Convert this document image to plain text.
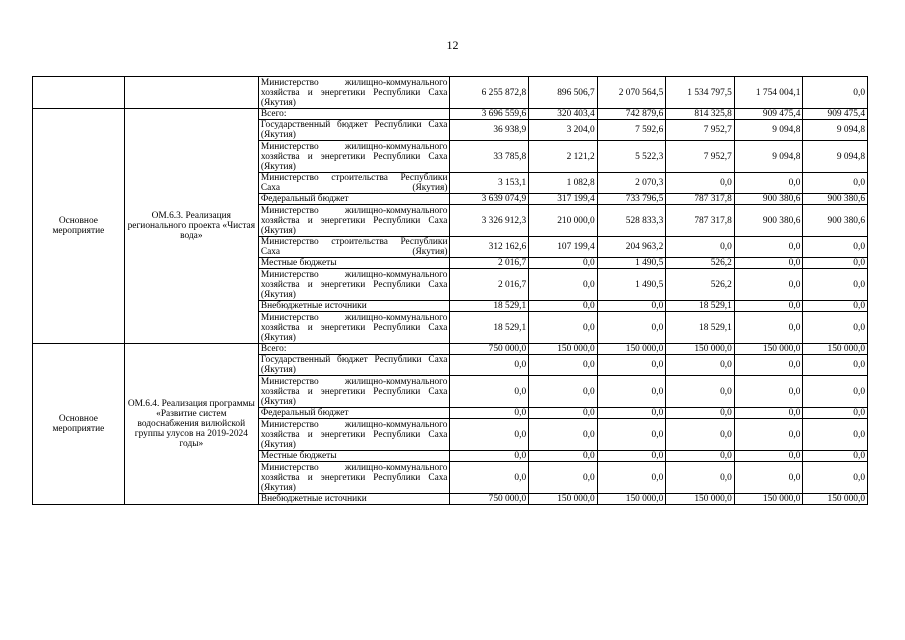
12
		Министерство жилищно-коммунального хозяйства и энергетики Республики Саха (Якутия)	6 255 872,8	896 506,7	2 070 564,5	1 534 797,5	1 754 004,1	0,0
Основное мероприятие	ОМ.6.3. Реализация регионального проекта «Чистая вода»	Всего:	3 696 559,6	320 403,4	742 879,6	814 325,8	909 475,4	909 475,4
		Государственный бюджет Республики Саха (Якутия)	36 938,9	3 204,0	7 592,6	7 952,7	9 094,8	9 094,8
		Министерство жилищно-коммунального хозяйства и энергетики Республики Саха (Якутия)	33 785,8	2 121,2	5 522,3	7 952,7	9 094,8	9 094,8
		Министерство строительства Республики Саха (Якутия)	3 153,1	1 082,8	2 070,3	0,0	0,0	0,0
		Федеральный бюджет	3 639 074,9	317 199,4	733 796,5	787 317,8	900 380,6	900 380,6
		Министерство жилищно-коммунального хозяйства и энергетики Республики Саха (Якутия)	3 326 912,3	210 000,0	528 833,3	787 317,8	900 380,6	900 380,6
		Министерство строительства Республики Саха (Якутия)	312 162,6	107 199,4	204 963,2	0,0	0,0	0,0
		Местные бюджеты	2 016,7	0,0	1 490,5	526,2	0,0	0,0
		Министерство жилищно-коммунального хозяйства и энергетики Республики Саха (Якутия)	2 016,7	0,0	1 490,5	526,2	0,0	0,0
		Внебюджетные источники	18 529,1	0,0	0,0	18 529,1	0,0	0,0
		Министерство жилищно-коммунального хозяйства и энергетики Республики Саха (Якутия)	18 529,1	0,0	0,0	18 529,1	0,0	0,0
Основное мероприятие	ОМ.6.4. Реализация программы «Развитие систем водоснабжения вилюйской группы улусов на 2019-2024 годы»	Всего:	750 000,0	150 000,0	150 000,0	150 000,0	150 000,0	150 000,0
		Государственный бюджет Республики Саха (Якутия)	0,0	0,0	0,0	0,0	0,0	0,0
		Министерство жилищно-коммунального хозяйства и энергетики Республики Саха (Якутия)	0,0	0,0	0,0	0,0	0,0	0,0
		Федеральный бюджет	0,0	0,0	0,0	0,0	0,0	0,0
		Министерство жилищно-коммунального хозяйства и энергетики Республики Саха (Якутия)	0,0	0,0	0,0	0,0	0,0	0,0
		Местные бюджеты	0,0	0,0	0,0	0,0	0,0	0,0
		Министерство жилищно-коммунального хозяйства и энергетики Республики Саха (Якутия)	0,0	0,0	0,0	0,0	0,0	0,0
		Внебюджетные источники	750 000,0	150 000,0	150 000,0	150 000,0	150 000,0	150 000,0
